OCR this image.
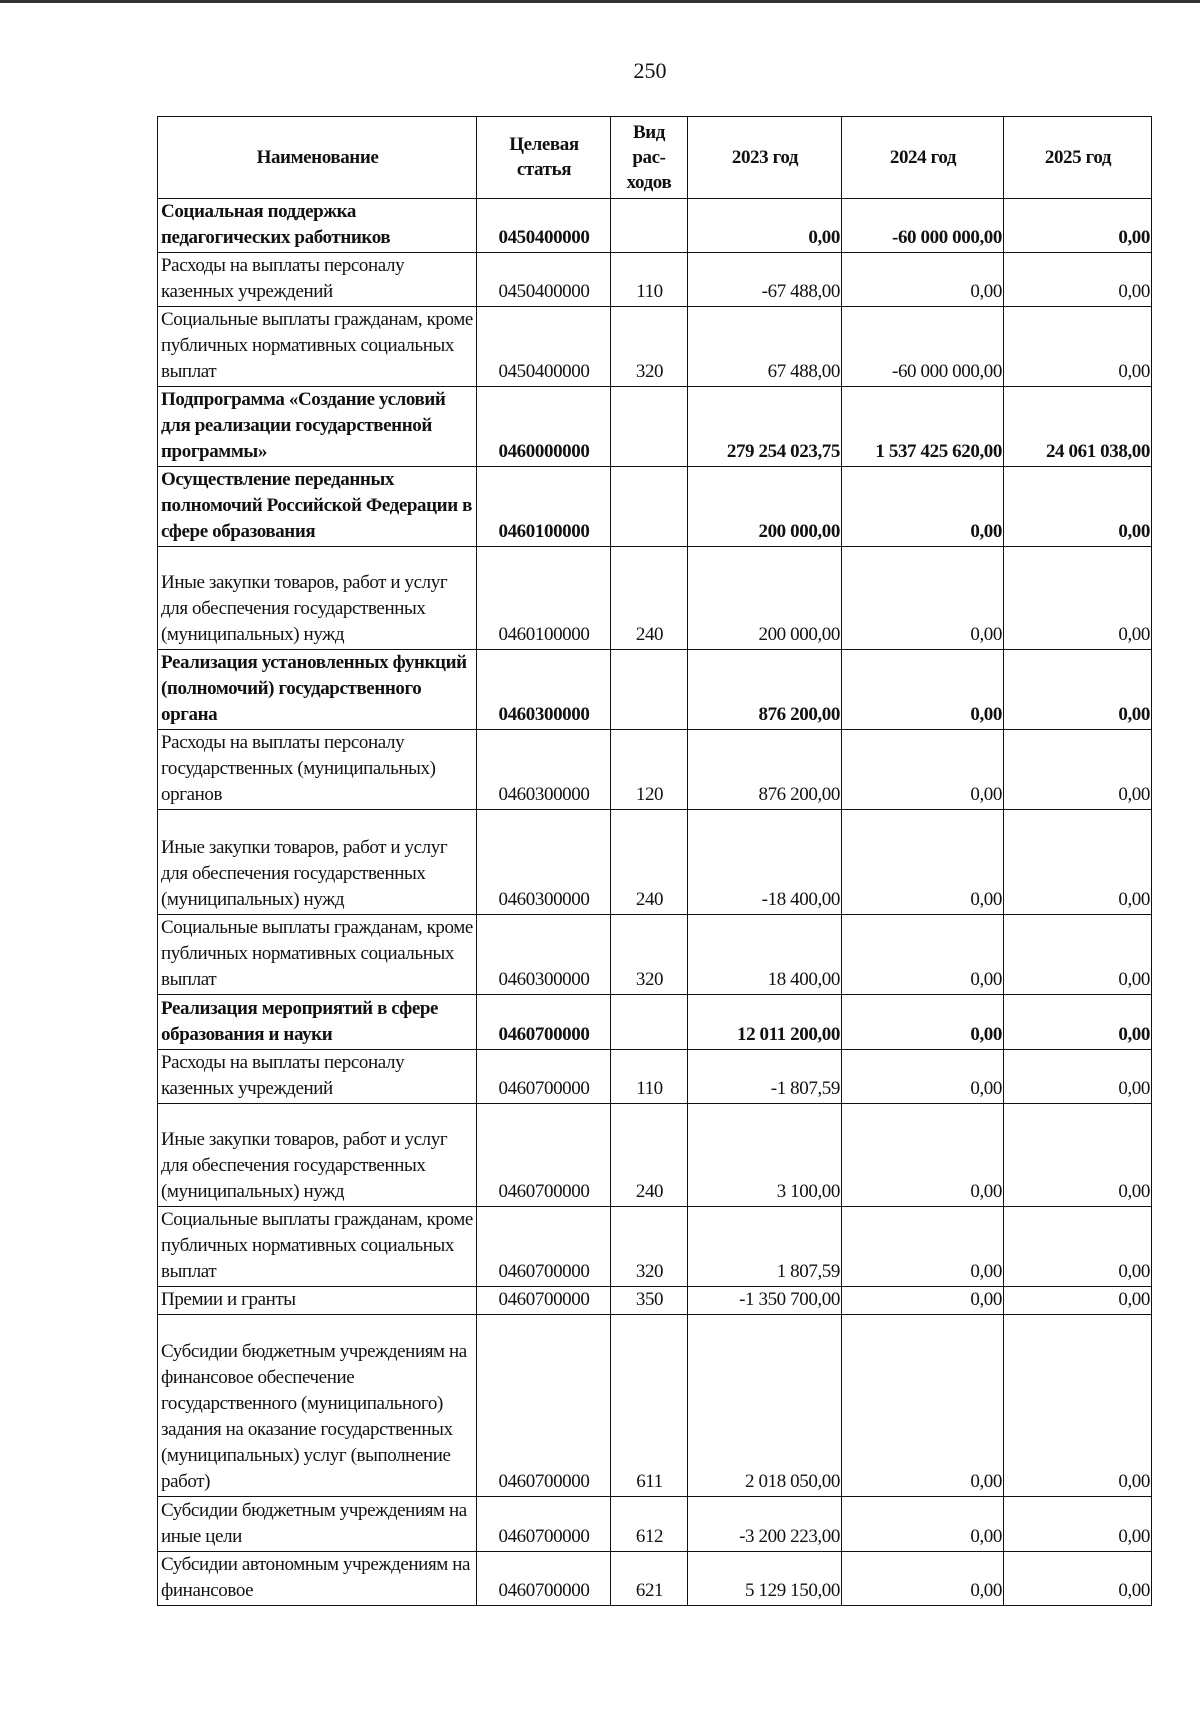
250
Наименование	Целевая статья	Вид рас-ходов	2023 год	2024 год	2025 год
Социальная поддержка педагогических работников	0450400000		0,00	-60 000 000,00	0,00
Расходы на выплаты персоналу казенных учреждений	0450400000	110	-67 488,00	0,00	0,00
Социальные выплаты гражданам, кроме публичных нормативных социальных выплат	0450400000	320	67 488,00	-60 000 000,00	0,00
Подпрограмма «Создание условий для реализации государственной программы»	0460000000		279 254 023,75	1 537 425 620,00	24 061 038,00
Осуществление переданных полномочий Российской Федерации в сфере образования	0460100000		200 000,00	0,00	0,00
Иные закупки товаров, работ и услуг для обеспечения государственных (муниципальных) нужд	0460100000	240	200 000,00	0,00	0,00
Реализация установленных функций (полномочий) государственного органа	0460300000		876 200,00	0,00	0,00
Расходы на выплаты персоналу государственных (муниципальных) органов	0460300000	120	876 200,00	0,00	0,00
Иные закупки товаров, работ и услуг для обеспечения государственных (муниципальных) нужд	0460300000	240	-18 400,00	0,00	0,00
Социальные выплаты гражданам, кроме публичных нормативных социальных выплат	0460300000	320	18 400,00	0,00	0,00
Реализация мероприятий в сфере образования и науки	0460700000		12 011 200,00	0,00	0,00
Расходы на выплаты персоналу казенных учреждений	0460700000	110	-1 807,59	0,00	0,00
Иные закупки товаров, работ и услуг для обеспечения государственных (муниципальных) нужд	0460700000	240	3 100,00	0,00	0,00
Социальные выплаты гражданам, кроме публичных нормативных социальных выплат	0460700000	320	1 807,59	0,00	0,00
Премии и гранты	0460700000	350	-1 350 700,00	0,00	0,00
Субсидии бюджетным учреждениям на финансовое обеспечение государственного (муниципального) задания на оказание государственных (муниципальных) услуг (выполнение работ)	0460700000	611	2 018 050,00	0,00	0,00
Субсидии бюджетным учреждениям на иные цели	0460700000	612	-3 200 223,00	0,00	0,00
Субсидии автономным учреждениям на финансовое	0460700000	621	5 129 150,00	0,00	0,00
